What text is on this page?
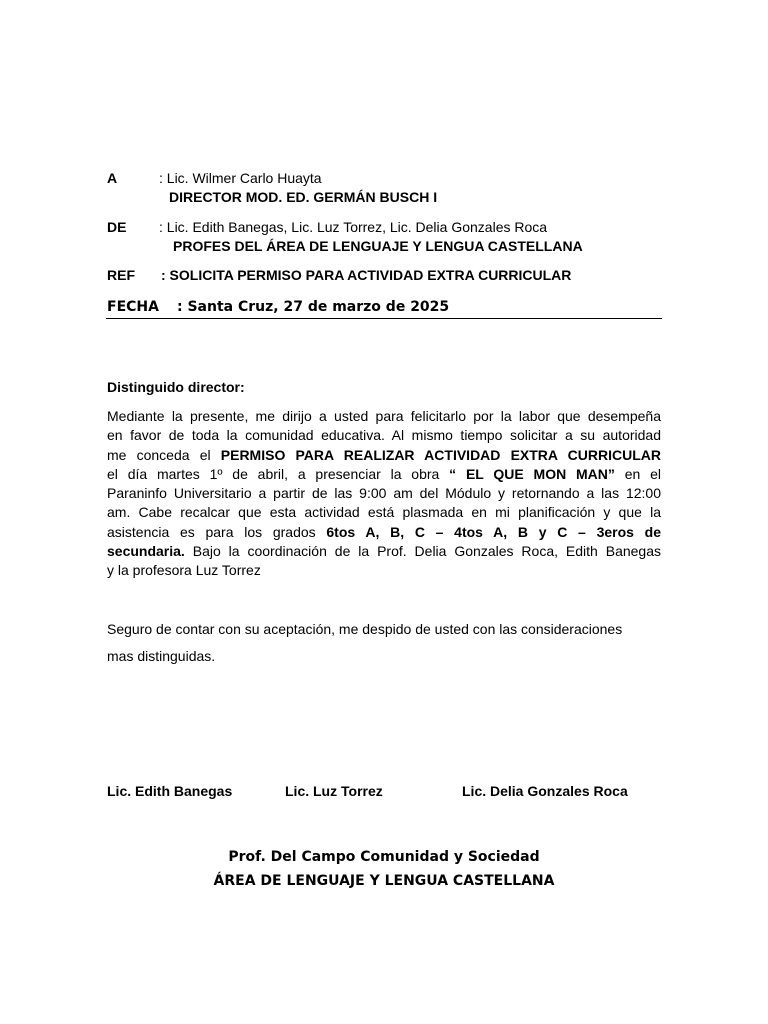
A	: Lic. Wilmer Carlo Huayta
DIRECTOR MOD. ED. GERMÁN BUSCH I
DE : Lic. Edith Banegas, Lic. Luz Torrez, Lic. Delia Gonzales Roca
PROFES DEL ÁREA DE LENGUAJE Y LENGUA CASTELLANA
REF : SOLICITA PERMISO PARA ACTIVIDAD EXTRA CURRICULAR
FECHA : Santa Cruz, 27 de marzo de 2025
Distinguido director:
Mediante la presente, me dirijo a usted para felicitarlo por la labor que desempeña
en favor de toda la comunidad educativa. Al mismo tiempo solicitar a su autoridad
me conceda el PERMISO PARA REALIZAR ACTIVIDAD EXTRA CURRICULAR
el día martes 1º de abril, a presenciar la obra “ EL QUE MON MAN” en el
Paraninfo Universitario a partir de las 9:00 am del Módulo y retornando a las 12:00
am. Cabe recalcar que esta actividad está plasmada en mi planificación y que la
asistencia es para los grados 6tos A, B, C – 4tos A, B y C – 3eros de
secundaria. Bajo la coordinación de la Prof. Delia Gonzales Roca, Edith Banegas
y la profesora Luz Torrez
Seguro de contar con su aceptación, me despido de usted con las consideraciones
mas distinguidas.
Lic. Edith Banegas	Lic. Luz Torrez	Lic. Delia Gonzales Roca
Prof. Del Campo Comunidad y Sociedad
ÁREA DE LENGUAJE Y LENGUA CASTELLANA
